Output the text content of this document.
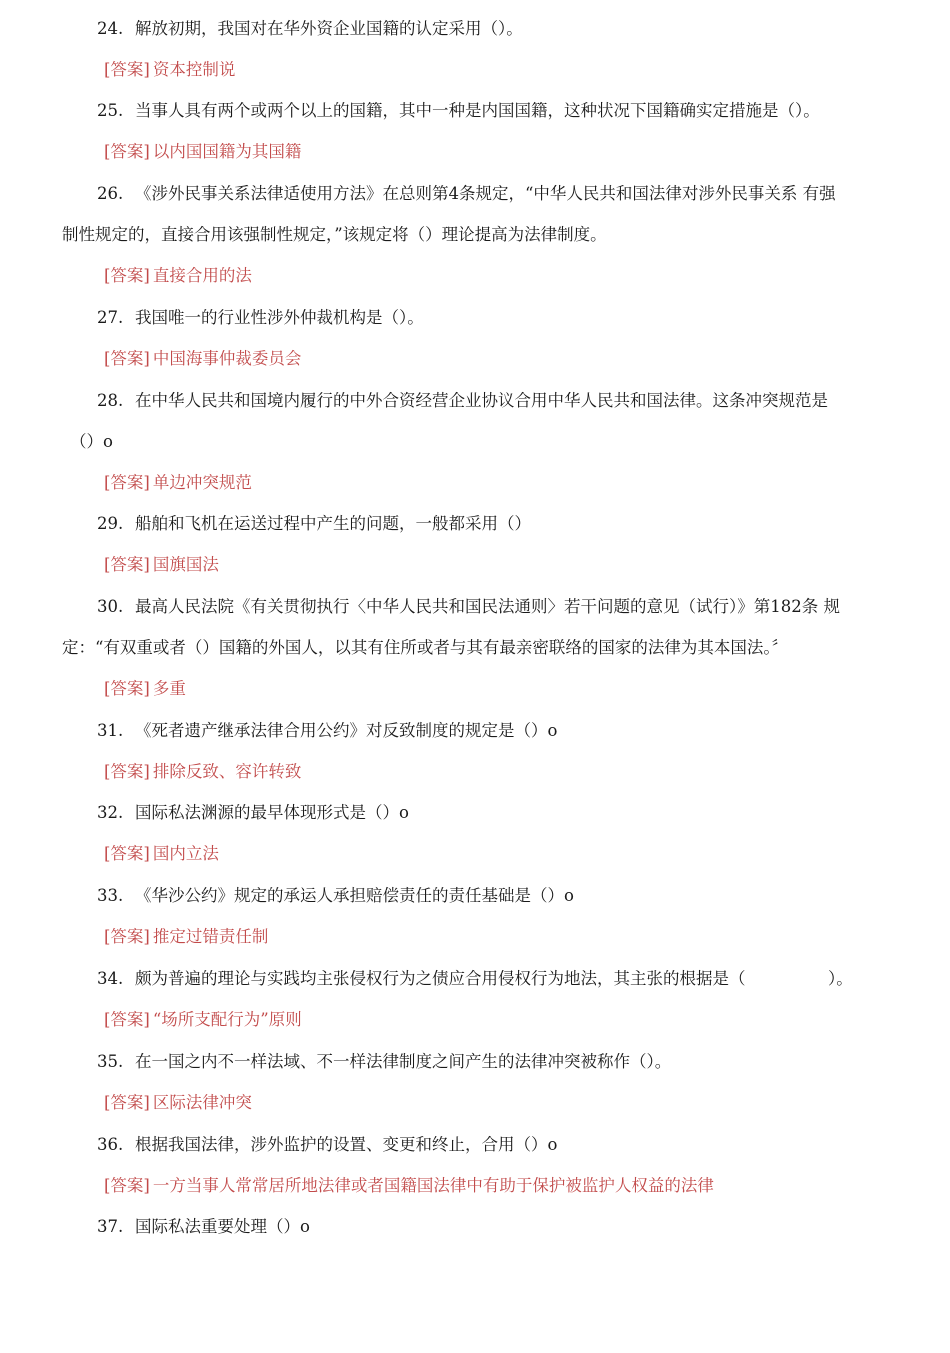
24. 解放初期，我国对在华外资企业国籍的认定采用（）。
[答案] 资本控制说
25. 当事人具有两个或两个以上的国籍，其中一种是内国国籍，这种状况下国籍确实定措施是（）。
[答案] 以内国国籍为其国籍
26. 《涉外民事关系法律适使用方法》在总则第4条规定，“中华人民共和国法律对涉外民事关系 有强
制性规定的，直接合用该强制性规定，”该规定将（）理论提高为法律制度。
[答案] 直接合用的法
27. 我国唯一的行业性涉外仲裁机构是（）。
[答案] 中国海事仲裁委员会
28. 在中华人民共和国境内履行的中外合资经营企业协议合用中华人民共和国法律。这条冲突规范是
（）o
[答案] 单边冲突规范
29. 船舶和飞机在运送过程中产生的问题，一般都采用（）
[答案] 国旗国法
30. 最高人民法院《有关贯彻执行〈中华人民共和国民法通则〉若干问题的意见（试行）》第182条 规
定：“有双重或者（）国籍的外国人，以其有住所或者与其有最亲密联络的国家的法律为其本国法。〞
[答案] 多重
31. 《死者遗产继承法律合用公约》对反致制度的规定是（）o
[答案] 排除反致、容许转致
32. 国际私法渊源的最早体现形式是（）o
[答案] 国内立法
33. 《华沙公约》规定的承运人承担赔偿责任的责任基础是（）o
[答案] 推定过错责任制
34. 颇为普遍的理论与实践均主张侵权行为之债应合用侵权行为地法，其主张的根据是（　　　　　）。
[答案] “场所支配行为”原则
35. 在一国之内不一样法域、不一样法律制度之间产生的法律冲突被称作（）。
[答案] 区际法律冲突
36. 根据我国法律，涉外监护的设置、变更和终止，合用（）o
[答案] 一方当事人常常居所地法律或者国籍国法律中有助于保护被监护人权益的法律
37. 国际私法重要处理（）o
